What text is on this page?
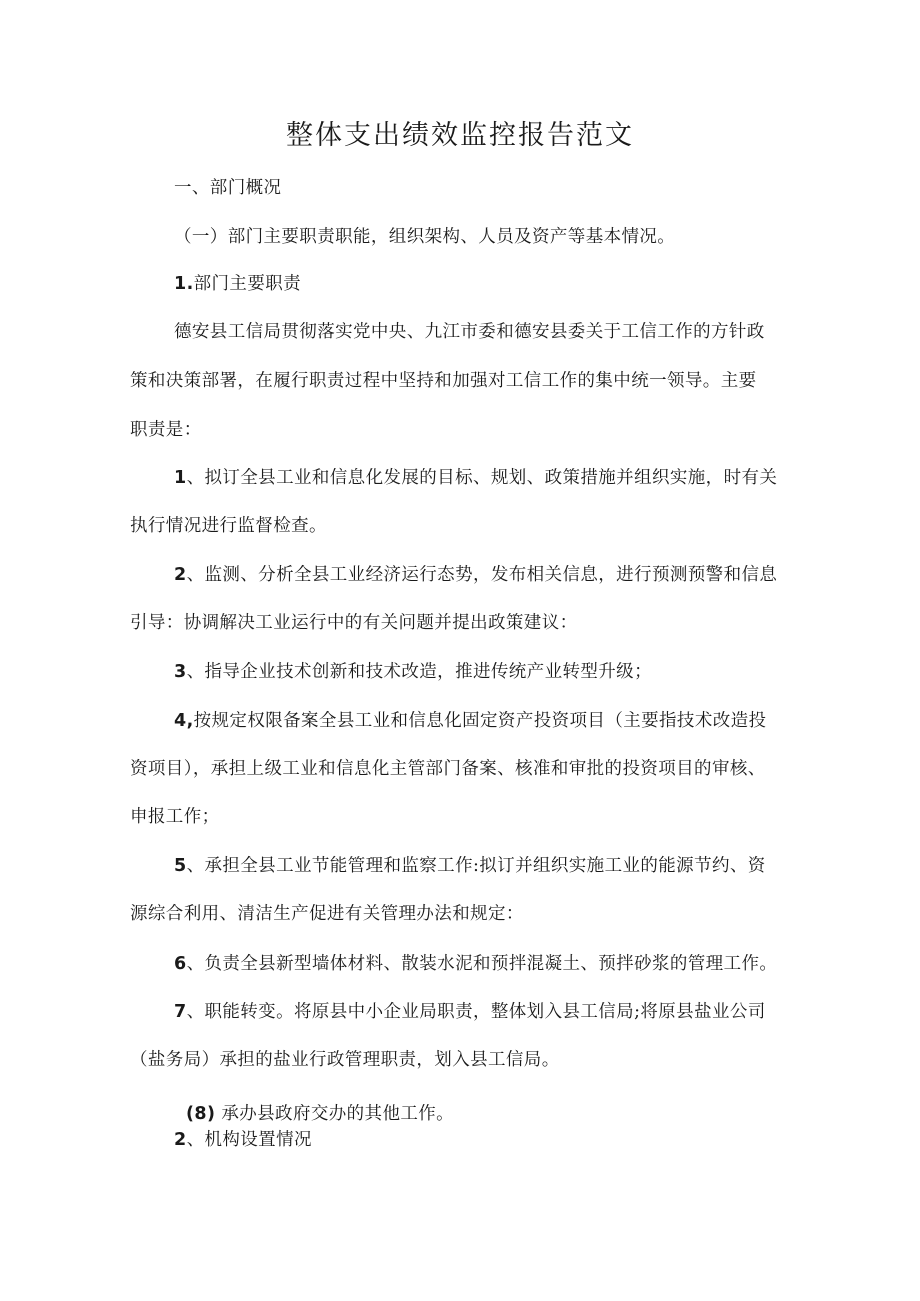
整体支出绩效监控报告范文
一、部门概况
（一）部门主要职责职能，组织架构、人员及资产等基本情况。
1.部门主要职责
德安县工信局贯彻落实党中央、九江市委和德安县委关于工信工作的方针政
策和决策部署，在履行职责过程中坚持和加强对工信工作的集中统一领导。主要
职责是：
1、拟订全县工业和信息化发展的目标、规划、政策措施并组织实施，时有关
执行情况进行监督检查。
2、监测、分析全县工业经济运行态势，发布相关信息，进行预测预警和信息
引导：协调解决工业运行中的有关问题并提出政策建议：
3、指导企业技术创新和技术改造，推进传统产业转型升级；
4,按规定权限备案全县工业和信息化固定资产投资项目（主要指技术改造投
资项目），承担上级工业和信息化主管部门备案、核准和审批的投资项目的审核、
申报工作；
5、承担全县工业节能管理和监察工作:拟订并组织实施工业的能源节约、资
源综合利用、清洁生产促进有关管理办法和规定：
6、负责全县新型墙体材料、散装水泥和预拌混凝土、预拌砂浆的管理工作。
7、职能转变。将原县中小企业局职责，整体划入县工信局;将原县盐业公司
（盐务局）承担的盐业行政管理职责，划入县工信局。
(8) 承办县政府交办的其他工作。
2、机构设置情况
